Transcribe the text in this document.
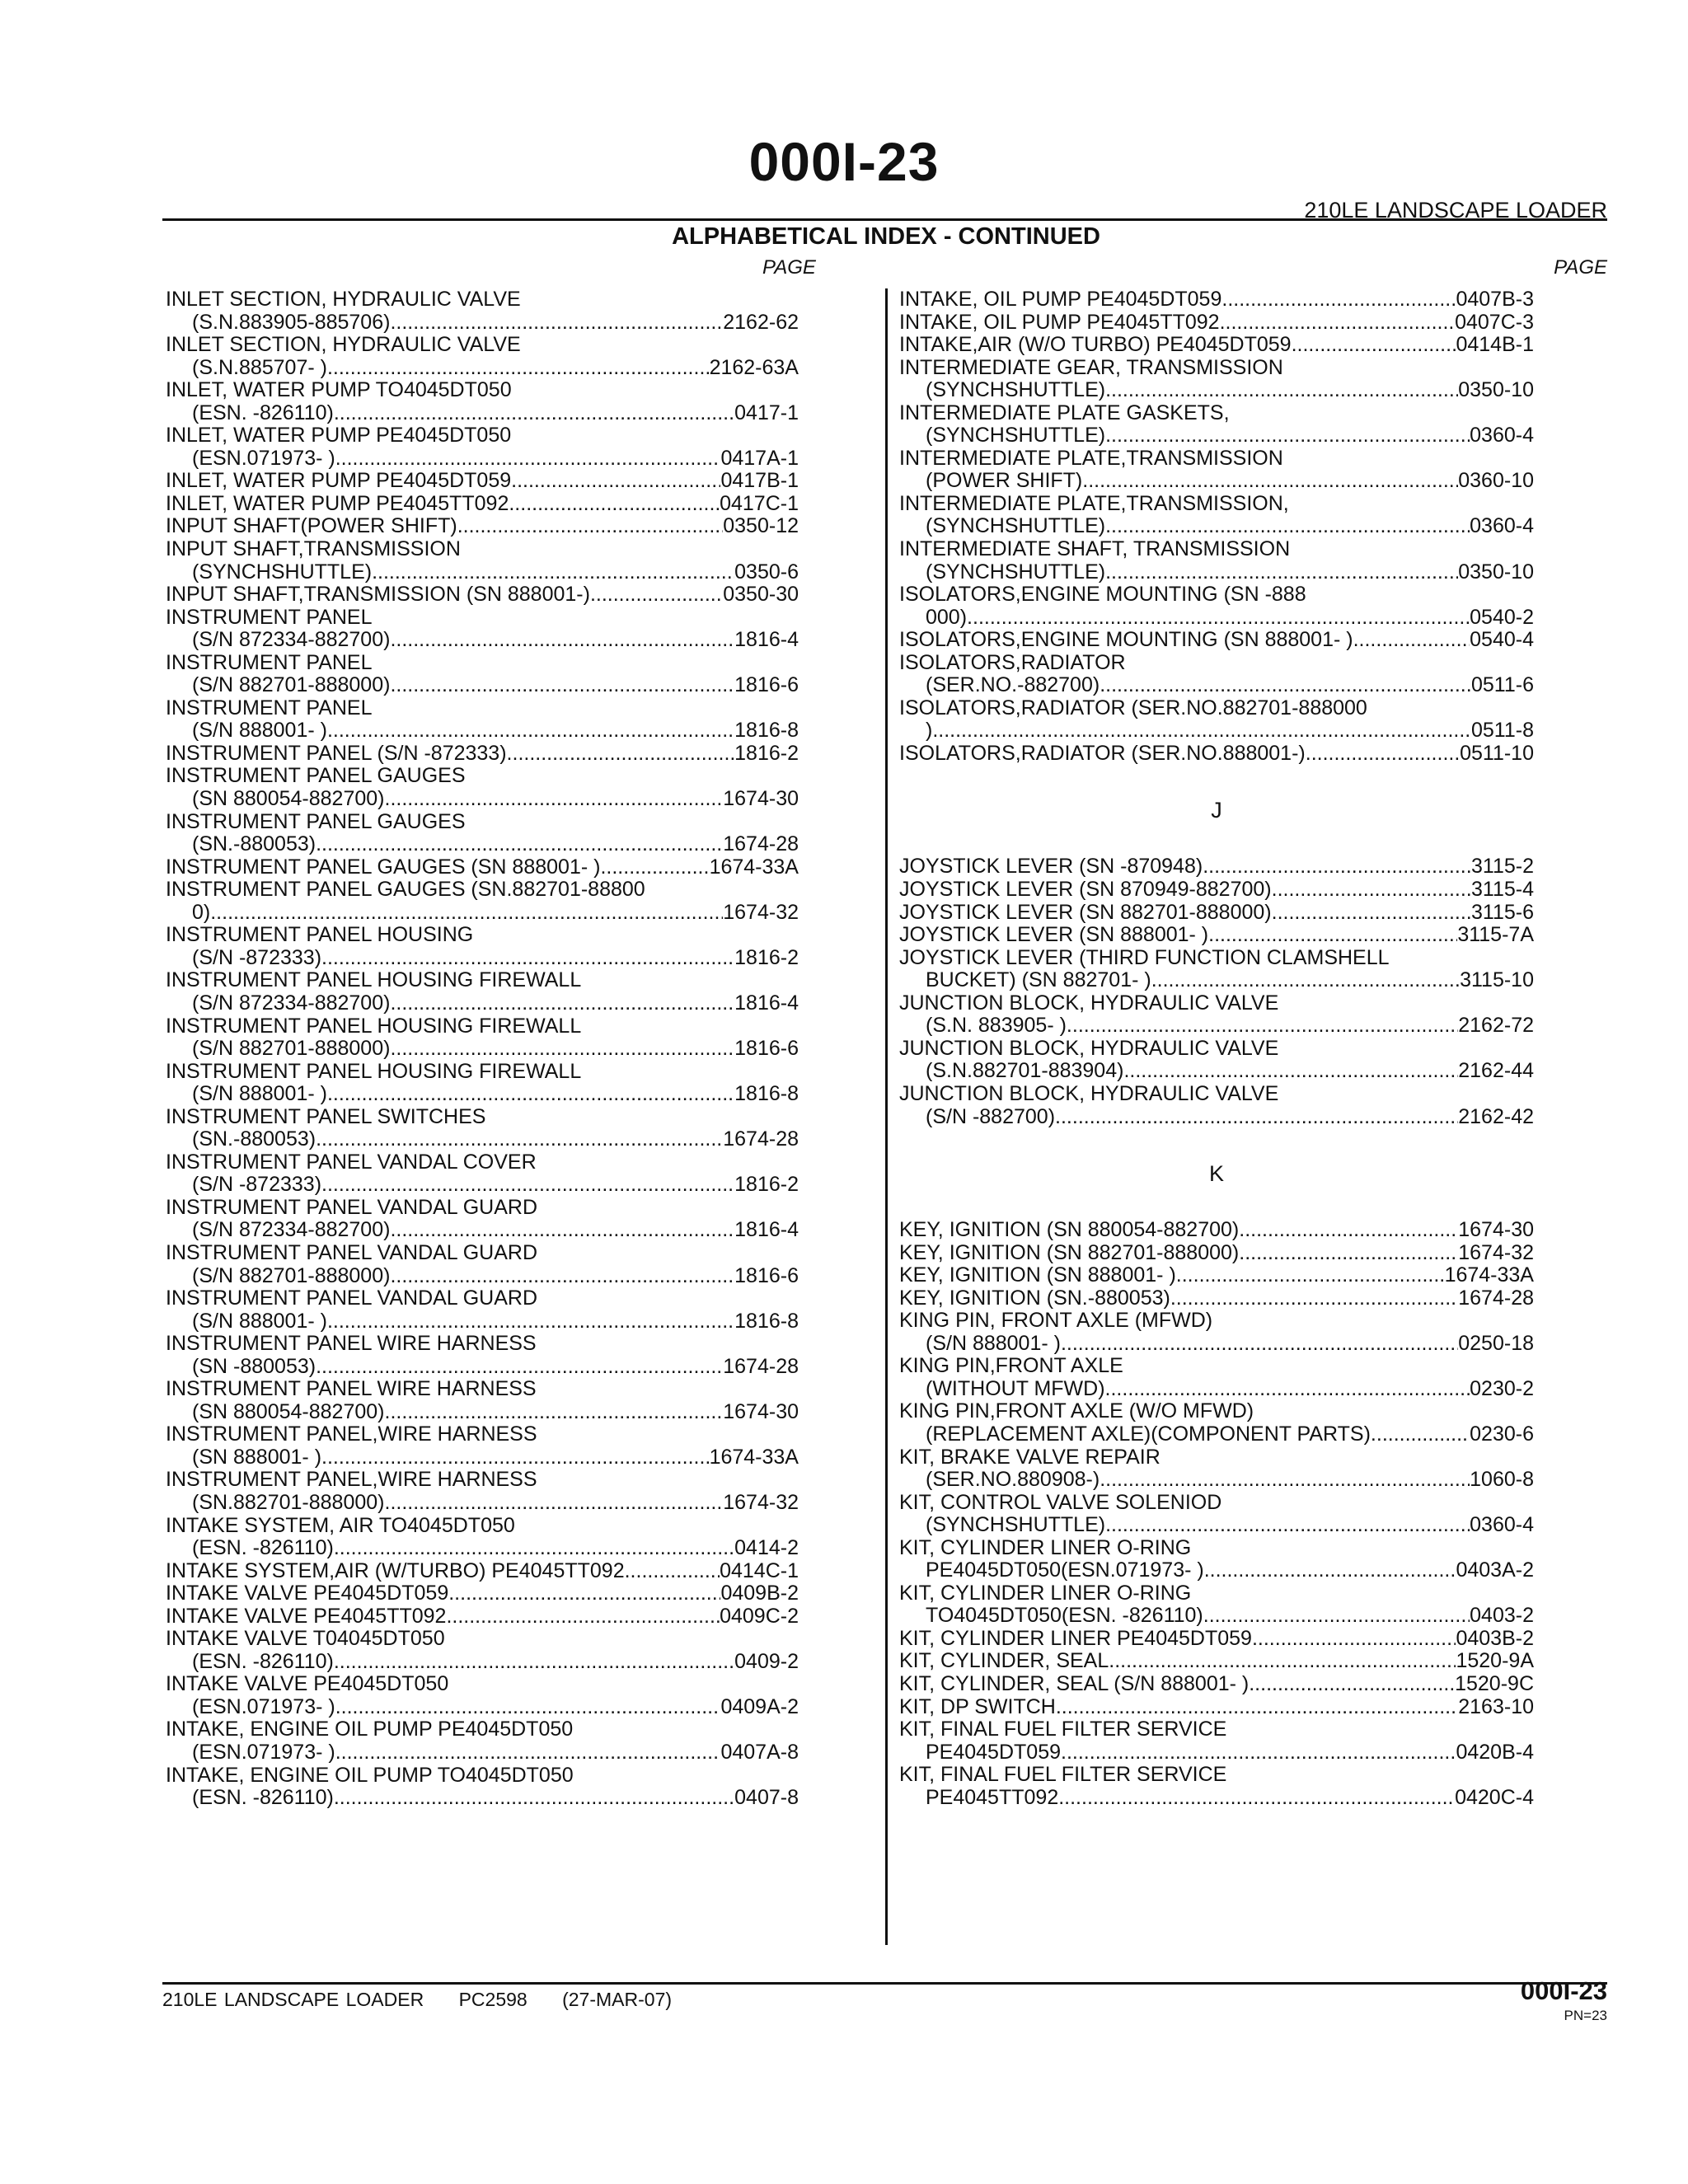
000I-23
210LE LANDSCAPE LOADER
ALPHABETICAL INDEX - CONTINUED
PAGE	PAGE
INLET SECTION, HYDRAULIC VALVE
(S.N.883905-885706) .....	2162-62
INLET SECTION, HYDRAULIC VALVE
(S.N.885707- ) .....	2162-63A
INLET, WATER PUMP TO4045DT050
(ESN. -826110) .....	0417-1
INLET, WATER PUMP PE4045DT050
(ESN.071973- ) .....	0417A-1
INLET, WATER PUMP PE4045DT059 .....	0417B-1
INLET, WATER PUMP PE4045TT092 .....	0417C-1
INPUT SHAFT(POWER SHIFT) .....	0350-12
INPUT SHAFT,TRANSMISSION
(SYNCHSHUTTLE) .....	0350-6
INPUT SHAFT,TRANSMISSION (SN 888001-) .....	0350-30
INSTRUMENT PANEL
(S/N 872334-882700) .....	1816-4
INSTRUMENT PANEL
(S/N 882701-888000) .....	1816-6
INSTRUMENT PANEL
(S/N 888001- ) .....	1816-8
INSTRUMENT PANEL (S/N -872333) .....	1816-2
INSTRUMENT PANEL GAUGES
(SN 880054-882700) .....	1674-30
INSTRUMENT PANEL GAUGES
(SN.-880053) .....	1674-28
INSTRUMENT PANEL GAUGES (SN 888001- ) .....	1674-33A
INSTRUMENT PANEL GAUGES (SN.882701-88800
0) .....	1674-32
INSTRUMENT PANEL HOUSING
(S/N -872333) .....	1816-2
INSTRUMENT PANEL HOUSING FIREWALL
(S/N 872334-882700) .....	1816-4
INSTRUMENT PANEL HOUSING FIREWALL
(S/N 882701-888000) .....	1816-6
INSTRUMENT PANEL HOUSING FIREWALL
(S/N 888001- ) .....	1816-8
INSTRUMENT PANEL SWITCHES
(SN.-880053) .....	1674-28
INSTRUMENT PANEL VANDAL COVER
(S/N -872333) .....	1816-2
INSTRUMENT PANEL VANDAL GUARD
(S/N 872334-882700) .....	1816-4
INSTRUMENT PANEL VANDAL GUARD
(S/N 882701-888000) .....	1816-6
INSTRUMENT PANEL VANDAL GUARD
(S/N 888001- ) .....	1816-8
INSTRUMENT PANEL WIRE HARNESS
(SN -880053) .....	1674-28
INSTRUMENT PANEL WIRE HARNESS
(SN 880054-882700) .....	1674-30
INSTRUMENT PANEL,WIRE HARNESS
(SN 888001- ) .....	1674-33A
INSTRUMENT PANEL,WIRE HARNESS
(SN.882701-888000) .....	1674-32
INTAKE SYSTEM, AIR TO4045DT050
(ESN. -826110) .....	0414-2
INTAKE SYSTEM,AIR (W/TURBO) PE4045TT092 .....	0414C-1
INTAKE VALVE PE4045DT059 .....	0409B-2
INTAKE VALVE PE4045TT092 .....	0409C-2
INTAKE VALVE T04045DT050
(ESN. -826110) .....	0409-2
INTAKE VALVE PE4045DT050
(ESN.071973- ) .....	0409A-2
INTAKE, ENGINE OIL PUMP PE4045DT050
(ESN.071973- ) .....	0407A-8
INTAKE, ENGINE OIL PUMP TO4045DT050
(ESN. -826110) .....	0407-8
INTAKE, OIL PUMP PE4045DT059 .....	0407B-3
INTAKE, OIL PUMP PE4045TT092 .....	0407C-3
INTAKE,AIR (W/O TURBO) PE4045DT059 .....	0414B-1
INTERMEDIATE GEAR, TRANSMISSION
(SYNCHSHUTTLE) .....	0350-10
INTERMEDIATE PLATE GASKETS,
(SYNCHSHUTTLE) .....	0360-4
INTERMEDIATE PLATE,TRANSMISSION
(POWER SHIFT) .....	0360-10
INTERMEDIATE PLATE,TRANSMISSION,
(SYNCHSHUTTLE) .....	0360-4
INTERMEDIATE SHAFT, TRANSMISSION
(SYNCHSHUTTLE) .....	0350-10
ISOLATORS,ENGINE MOUNTING (SN -888
000) .....	0540-2
ISOLATORS,ENGINE MOUNTING (SN 888001- ) .....	0540-4
ISOLATORS,RADIATOR
(SER.NO.-882700) .....	0511-6
ISOLATORS,RADIATOR (SER.NO.882701-888000
) .....	0511-8
ISOLATORS,RADIATOR (SER.NO.888001-) .....	0511-10
J
JOYSTICK LEVER (SN -870948) .....	3115-2
JOYSTICK LEVER (SN 870949-882700) .....	3115-4
JOYSTICK LEVER (SN 882701-888000) .....	3115-6
JOYSTICK LEVER (SN 888001- ) .....	3115-7A
JOYSTICK LEVER (THIRD FUNCTION CLAMSHELL
BUCKET) (SN 882701- ) .....	3115-10
JUNCTION BLOCK, HYDRAULIC VALVE
(S.N. 883905- ) .....	2162-72
JUNCTION BLOCK, HYDRAULIC VALVE
(S.N.882701-883904) .....	2162-44
JUNCTION BLOCK, HYDRAULIC VALVE
(S/N -882700) .....	2162-42
K
KEY, IGNITION (SN 880054-882700) .....	1674-30
KEY, IGNITION (SN 882701-888000) .....	1674-32
KEY, IGNITION (SN 888001- ) .....	1674-33A
KEY, IGNITION (SN.-880053) .....	1674-28
KING PIN, FRONT AXLE (MFWD)
(S/N 888001- ) .....	0250-18
KING PIN,FRONT AXLE
(WITHOUT MFWD) .....	0230-2
KING PIN,FRONT AXLE (W/O MFWD)
(REPLACEMENT AXLE)(COMPONENT PARTS) .....	0230-6
KIT, BRAKE VALVE REPAIR
(SER.NO.880908-) .....	1060-8
KIT, CONTROL VALVE SOLENIOD
(SYNCHSHUTTLE) .....	0360-4
KIT, CYLINDER LINER O-RING
PE4045DT050(ESN.071973- ) .....	0403A-2
KIT, CYLINDER LINER O-RING
TO4045DT050(ESN. -826110) .....	0403-2
KIT, CYLINDER LINER PE4045DT059 .....	0403B-2
KIT, CYLINDER, SEAL .....	1520-9A
KIT, CYLINDER, SEAL (S/N 888001- ) .....	1520-9C
KIT, DP SWITCH .....	2163-10
KIT, FINAL FUEL FILTER SERVICE
PE4045DT059 .....	0420B-4
KIT, FINAL FUEL FILTER SERVICE
PE4045TT092 .....	0420C-4
210LE LANDSCAPE LOADER PC2598 (27-MAR-07)	000I-23
PN=23
